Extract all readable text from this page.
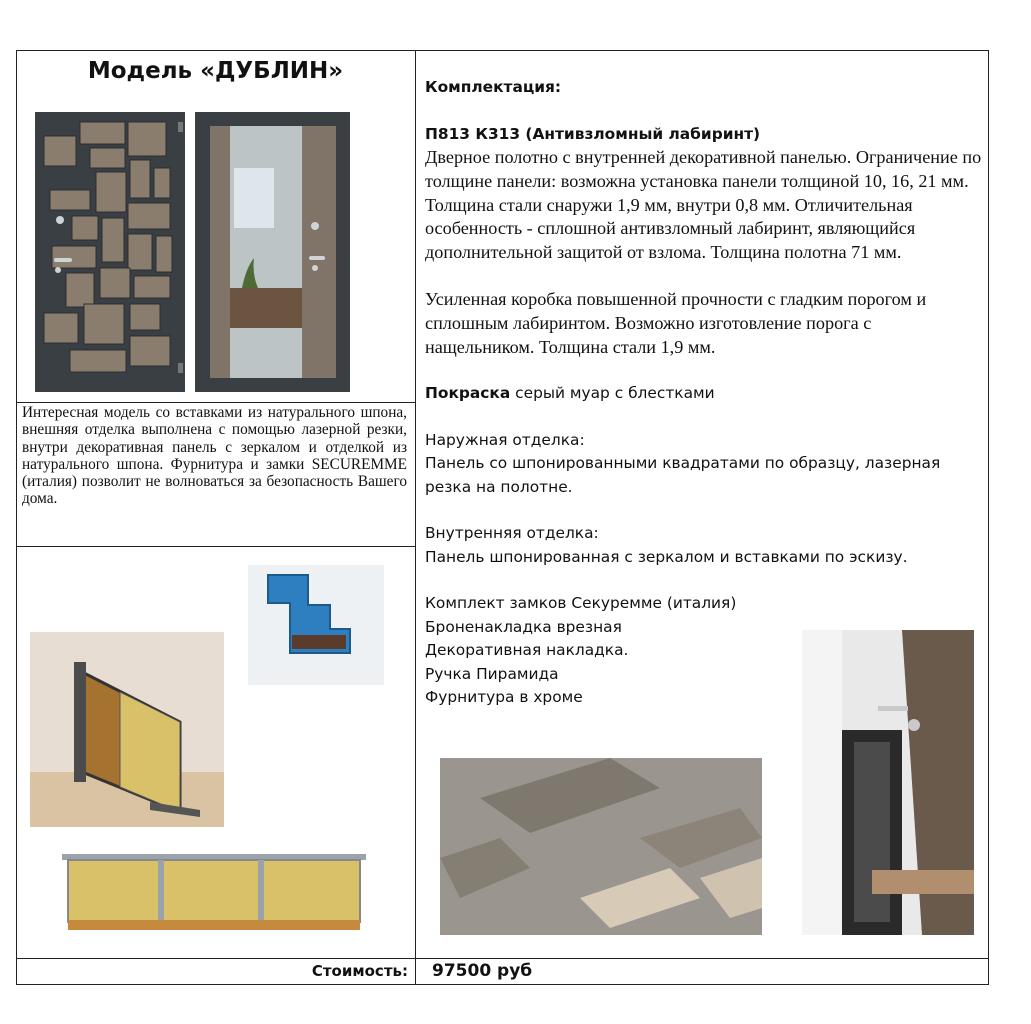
Модель «ДУБЛИН»
Интересная модель со вставками из натурального шпона, внешняя отделка выполнена с помощью лазерной резки, внутри декоративная панель с зеркалом и отделкой из натурального шпона. Фурнитура и замки SECUREMME (италия) позволит не волноваться за безопасность Вашего дома.
Комплектация:
П813 К313 (Антивзломный лабиринт)
Дверное полотно с внутренней декоративной панелью. Ограничение по толщине панели: возможна установка панели толщиной 10, 16, 21 мм. Толщина стали снаружи 1,9 мм, внутри 0,8 мм. Отличительная особенность - сплошной антивзломный лабиринт, являющийся дополнительной защитой от взлома. Толщина полотна 71 мм.
Усиленная коробка повышенной прочности с гладким порогом и сплошным лабиринтом. Возможно изготовление порога с нащельником. Толщина стали 1,9 мм.
Покраска серый муар с блестками
Наружная отделка:
Панель со шпонированными квадратами по образцу, лазерная резка на полотне.
Внутренняя отделка:
Панель шпонированная с зеркалом и вставками по эскизу.
Комплект замков Секуремме (италия)
Броненакладка врезная
Декоративная накладка.
Ручка Пирамида
Фурнитура в хроме
Стоимость: 97500 руб
